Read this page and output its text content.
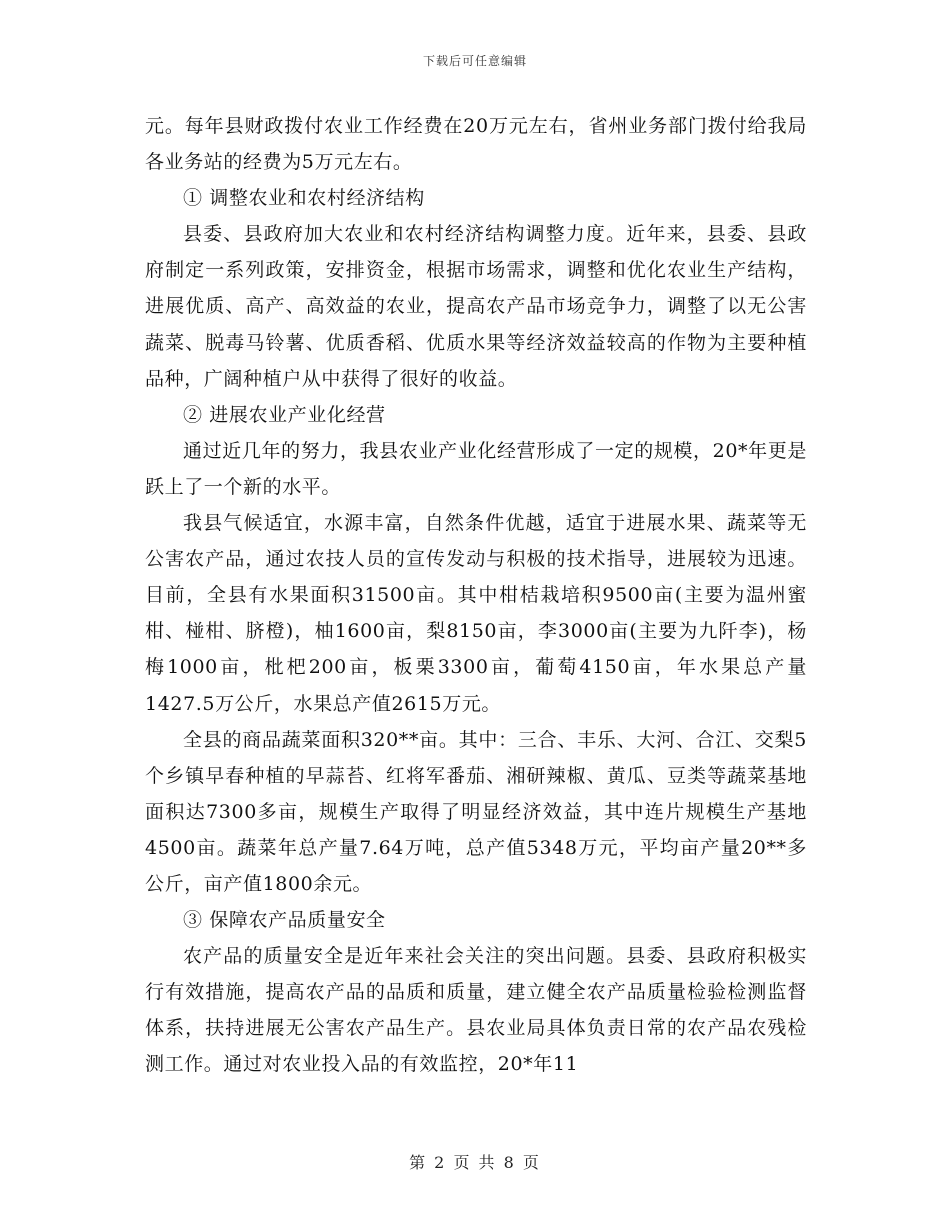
下载后可任意编辑

元。每年县财政拨付农业工作经费在20万元左右，省州业务部门拨付给我局各业务站的经费为5万元左右。

① 调整农业和农村经济结构

县委、县政府加大农业和农村经济结构调整力度。近年来，县委、县政府制定一系列政策，安排资金，根据市场需求，调整和优化农业生产结构，进展优质、高产、高效益的农业，提高农产品市场竞争力，调整了以无公害蔬菜、脱毒马铃薯、优质香稻、优质水果等经济效益较高的作物为主要种植品种，广阔种植户从中获得了很好的收益。

② 进展农业产业化经营

通过近几年的努力，我县农业产业化经营形成了一定的规模，20*年更是跃上了一个新的水平。

我县气候适宜，水源丰富，自然条件优越，适宜于进展水果、蔬菜等无公害农产品，通过农技人员的宣传发动与积极的技术指导，进展较为迅速。目前，全县有水果面积31500亩。其中柑桔栽培积9500亩(主要为温州蜜柑、椪柑、脐橙)，柚1600亩，梨8150亩，李3000亩(主要为九阡李)，杨梅1000亩，枇杷200亩，板栗3300亩，葡萄4150亩，年水果总产量1427.5万公斤，水果总产值2615万元。

全县的商品蔬菜面积320**亩。其中：三合、丰乐、大河、合江、交梨5个乡镇早春种植的早蒜苔、红将军番茄、湘研辣椒、黄瓜、豆类等蔬菜基地面积达7300多亩，规模生产取得了明显经济效益，其中连片规模生产基地4500亩。蔬菜年总产量7.64万吨，总产值5348万元，平均亩产量20**多公斤，亩产值1800余元。

③ 保障农产品质量安全

农产品的质量安全是近年来社会关注的突出问题。县委、县政府积极实行有效措施，提高农产品的品质和质量，建立健全农产品质量检验检测监督体系，扶持进展无公害农产品生产。县农业局具体负责日常的农产品农残检测工作。通过对农业投入品的有效监控，20*年11

第 2 页 共 8 页
